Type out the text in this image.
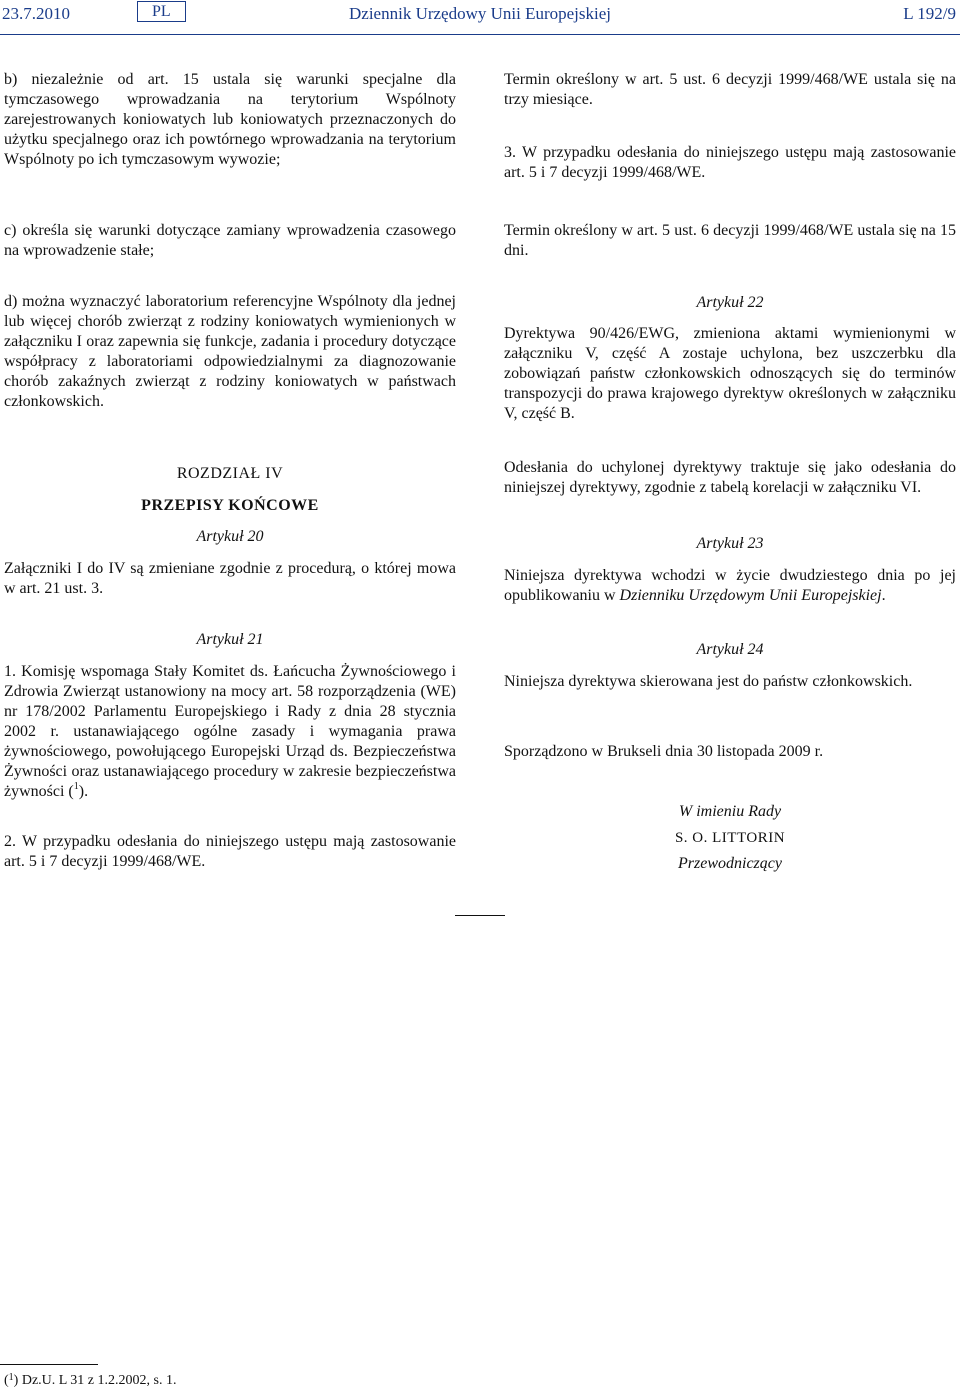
23.7.2010	PL	Dziennik Urzędowy Unii Europejskiej	L 192/9

b) niezależnie od art. 15 ustala się warunki specjalne dla tymczasowego wprowadzania na terytorium Wspólnoty zarejestrowanych koniowatych lub koniowatych przeznaczonych do użytku specjalnego oraz ich powtórnego wprowadzania na terytorium Wspólnoty po ich tymczasowym wywozie;

c) określa się warunki dotyczące zamiany wprowadzenia czasowego na wprowadzenie stałe;

d) można wyznaczyć laboratorium referencyjne Wspólnoty dla jednej lub więcej chorób zwierząt z rodziny koniowatych wymienionych w załączniku I oraz zapewnia się funkcje, zadania i procedury dotyczące współpracy z laboratoriami odpowiedzialnymi za diagnozowanie chorób zakaźnych zwierząt z rodziny koniowatych w państwach członkowskich.

ROZDZIAŁ IV

PRZEPISY KOŃCOWE

Artykuł 20

Załączniki I do IV są zmieniane zgodnie z procedurą, o której mowa w art. 21 ust. 3.

Artykuł 21

1. Komisję wspomaga Stały Komitet ds. Łańcucha Żywnościowego i Zdrowia Zwierząt ustanowiony na mocy art. 58 rozporządzenia (WE) nr 178/2002 Parlamentu Europejskiego i Rady z dnia 28 stycznia 2002 r. ustanawiającego ogólne zasady i wymagania prawa żywnościowego, powołującego Europejski Urząd ds. Bezpieczeństwa Żywności oraz ustanawiającego procedury w zakresie bezpieczeństwa żywności ($^1$).

2. W przypadku odesłania do niniejszego ustępu mają zastosowanie art. 5 i 7 decyzji 1999/468/WE.

Termin określony w art. 5 ust. 6 decyzji 1999/468/WE ustala się na trzy miesiące.

3. W przypadku odesłania do niniejszego ustępu mają zastosowanie art. 5 i 7 decyzji 1999/468/WE.

Termin określony w art. 5 ust. 6 decyzji 1999/468/WE ustala się na 15 dni.

Artykuł 22

Dyrektywa 90/426/EWG, zmieniona aktami wymienionymi w załączniku V, część A zostaje uchylona, bez uszczerbku dla zobowiązań państw członkowskich odnoszących się do terminów transpozycji do prawa krajowego dyrektyw określonych w załączniku V, część B.

Odesłania do uchylonej dyrektywy traktuje się jako odesłania do niniejszej dyrektywy, zgodnie z tabelą korelacji w załączniku VI.

Artykuł 23

Niniejsza dyrektywa wchodzi w życie dwudziestego dnia po jej opublikowaniu w Dzienniku Urzędowym Unii Europejskiej.

Artykuł 24

Niniejsza dyrektywa skierowana jest do państw członkowskich.

Sporządzono w Brukseli dnia 30 listopada 2009 r.

W imieniu Rady

S. O. LITTORIN

Przewodniczący

($^1$) Dz.U. L 31 z 1.2.2002, s. 1.
